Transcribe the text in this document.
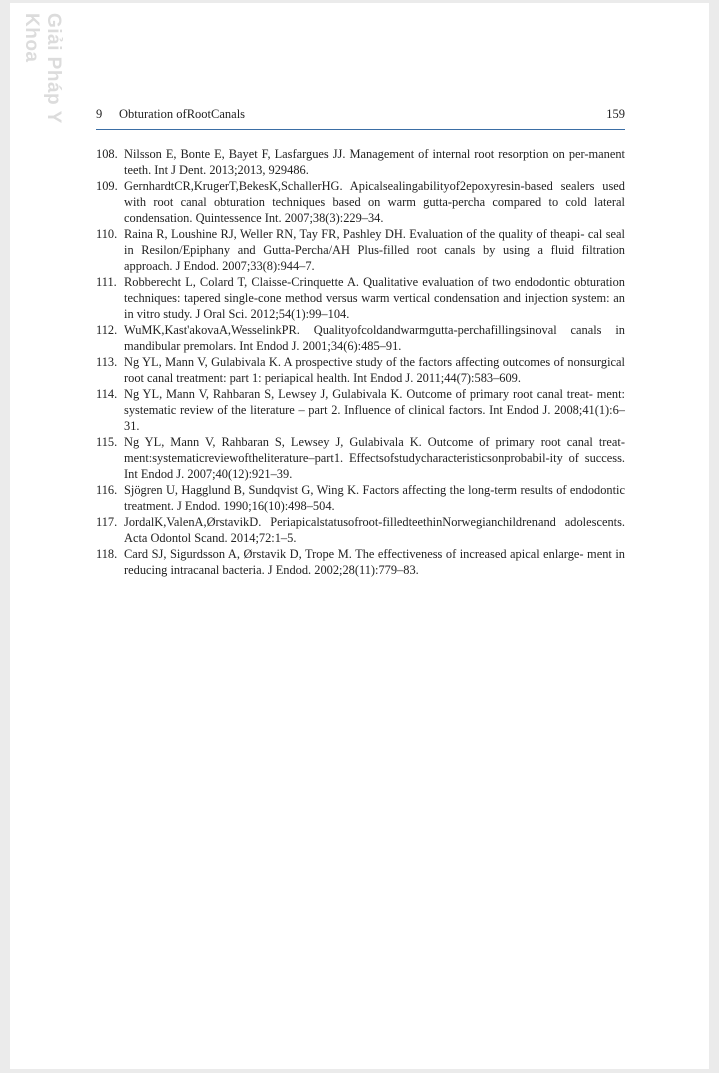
Giải Pháp Y Khoa
9 Obturation ofRootCanals	159
108. Nilsson E, Bonte E, Bayet F, Lasfargues JJ. Management of internal root resorption on per-manent teeth. Int J Dent. 2013;2013, 929486.
109. GernhardtCR,KrugerT,BekesK,SchallerHG. Apicalsealingabilityof2epoxyresin-based sealers used with root canal obturation techniques based on warm gutta-percha compared to cold lateral condensation. Quintessence Int. 2007;38(3):229–34.
110. Raina R, Loushine RJ, Weller RN, Tay FR, Pashley DH. Evaluation of the quality of theapi- cal seal in Resilon/Epiphany and Gutta-Percha/AH Plus-filled root canals by using a fluid filtration approach. J Endod. 2007;33(8):944–7.
111. Robberecht L, Colard T, Claisse-Crinquette A. Qualitative evaluation of two endodontic obturation techniques: tapered single-cone method versus warm vertical condensation and injection system: an in vitro study. J Oral Sci. 2012;54(1):99–104.
112. WuMK,Kast'akovaA,WesselinkPR. Qualityofcoldandwarmgutta-perchafillingsinoval canals in mandibular premolars. Int Endod J. 2001;34(6):485–91.
113. Ng YL, Mann V, Gulabivala K. A prospective study of the factors affecting outcomes of nonsurgical root canal treatment: part 1: periapical health. Int Endod J. 2011;44(7):583–609.
114. Ng YL, Mann V, Rahbaran S, Lewsey J, Gulabivala K. Outcome of primary root canal treat- ment: systematic review of the literature – part 2. Influence of clinical factors. Int Endod J. 2008;41(1):6–31.
115. Ng YL, Mann V, Rahbaran S, Lewsey J, Gulabivala K. Outcome of primary root canal treat- ment:systematicreviewoftheliterature–part1. Effectsofstudycharacteristicsonprobabil-ity of success. Int Endod J. 2007;40(12):921–39.
116. Sjögren U, Hagglund B, Sundqvist G, Wing K. Factors affecting the long-term results of endodontic treatment. J Endod. 1990;16(10):498–504.
117. JordalK,ValenA,ØrstavikD. Periapicalstatusofroot-filledteethinNorwegianchildrenand adolescents. Acta Odontol Scand. 2014;72:1–5.
118. Card SJ, Sigurdsson A, Ørstavik D, Trope M. The effectiveness of increased apical enlarge- ment in reducing intracanal bacteria. J Endod. 2002;28(11):779–83.
